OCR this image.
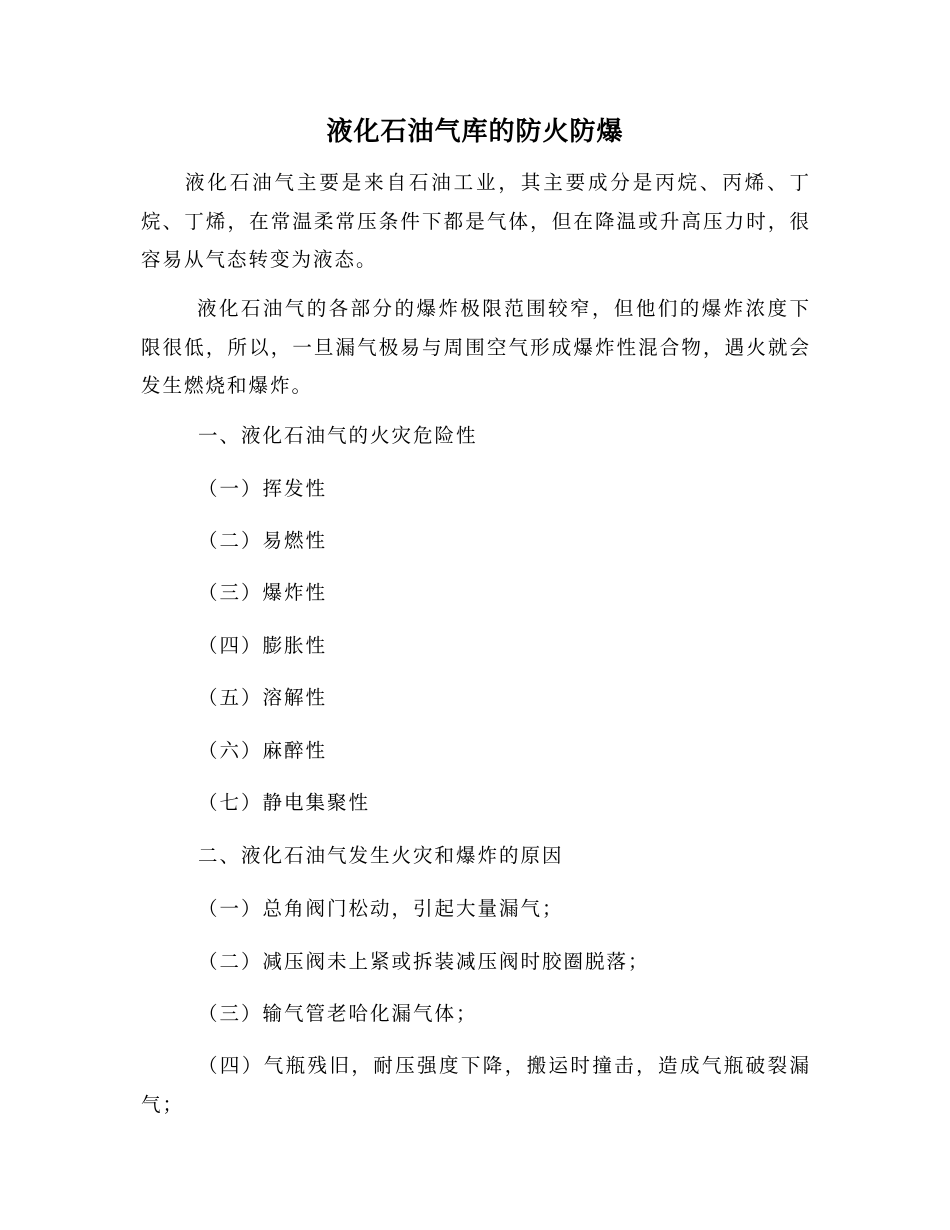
液化石油气库的防火防爆

液化石油气主要是来自石油工业，其主要成分是丙烷、丙烯、丁烷、丁烯，在常温柔常压条件下都是气体，但在降温或升高压力时，很容易从气态转变为液态。

液化石油气的各部分的爆炸极限范围较窄，但他们的爆炸浓度下限很低，所以，一旦漏气极易与周围空气形成爆炸性混合物，遇火就会发生燃烧和爆炸。

一、液化石油气的火灾危险性
（一）挥发性
（二）易燃性
（三）爆炸性
（四）膨胀性
（五）溶解性
（六）麻醉性
（七）静电集聚性
二、液化石油气发生火灾和爆炸的原因
（一）总角阀门松动，引起大量漏气；
（二）减压阀未上紧或拆装减压阀时胶圈脱落；
（三）输气管老哈化漏气体；

（四）气瓶残旧，耐压强度下降，搬运时撞击，造成气瓶破裂漏气；
